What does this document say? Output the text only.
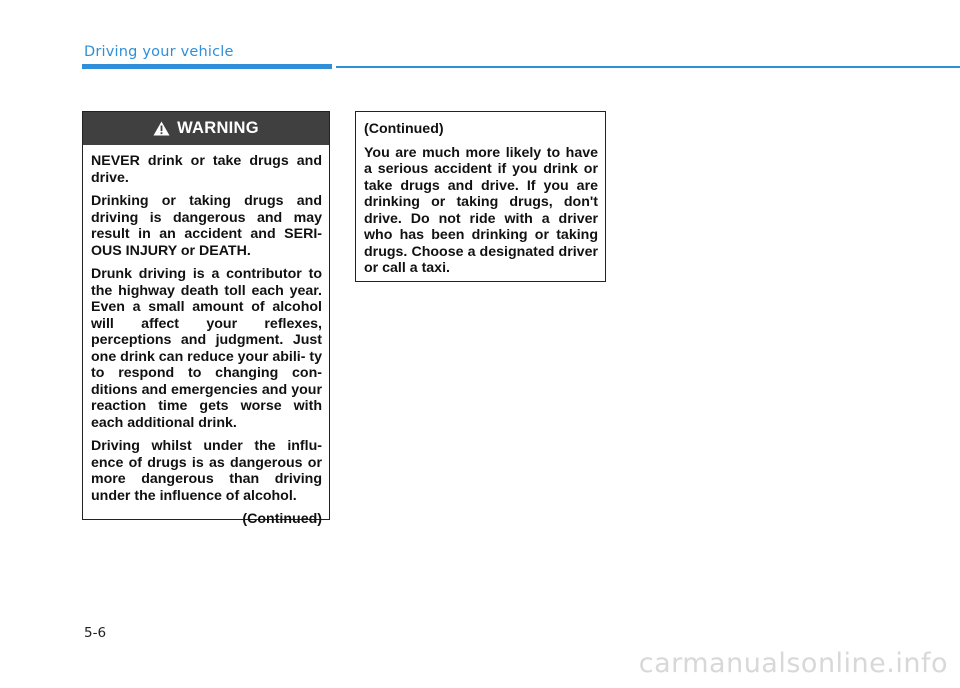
Driving your vehicle
WARNING

NEVER drink or take drugs and drive.

Drinking or taking drugs and driving is dangerous and may result in an accident and SERI- OUS INJURY or DEATH.

Drunk driving is a contributor to the highway death toll each year. Even a small amount of alcohol will affect your reflexes, perceptions and judgment. Just one drink can reduce your abili- ty to respond to changing con- ditions and emergencies and your reaction time gets worse with each additional drink.

Driving whilst under the influ- ence of drugs is as dangerous or more dangerous than driving under the influence of alcohol.

(Continued)

(Continued)

You are much more likely to have a serious accident if you drink or take drugs and drive. If you are drinking or taking drugs, don't drive. Do not ride with a driver who has been drinking or taking drugs. Choose a designated driver or call a taxi.

5-6
carmanualsonline.info
